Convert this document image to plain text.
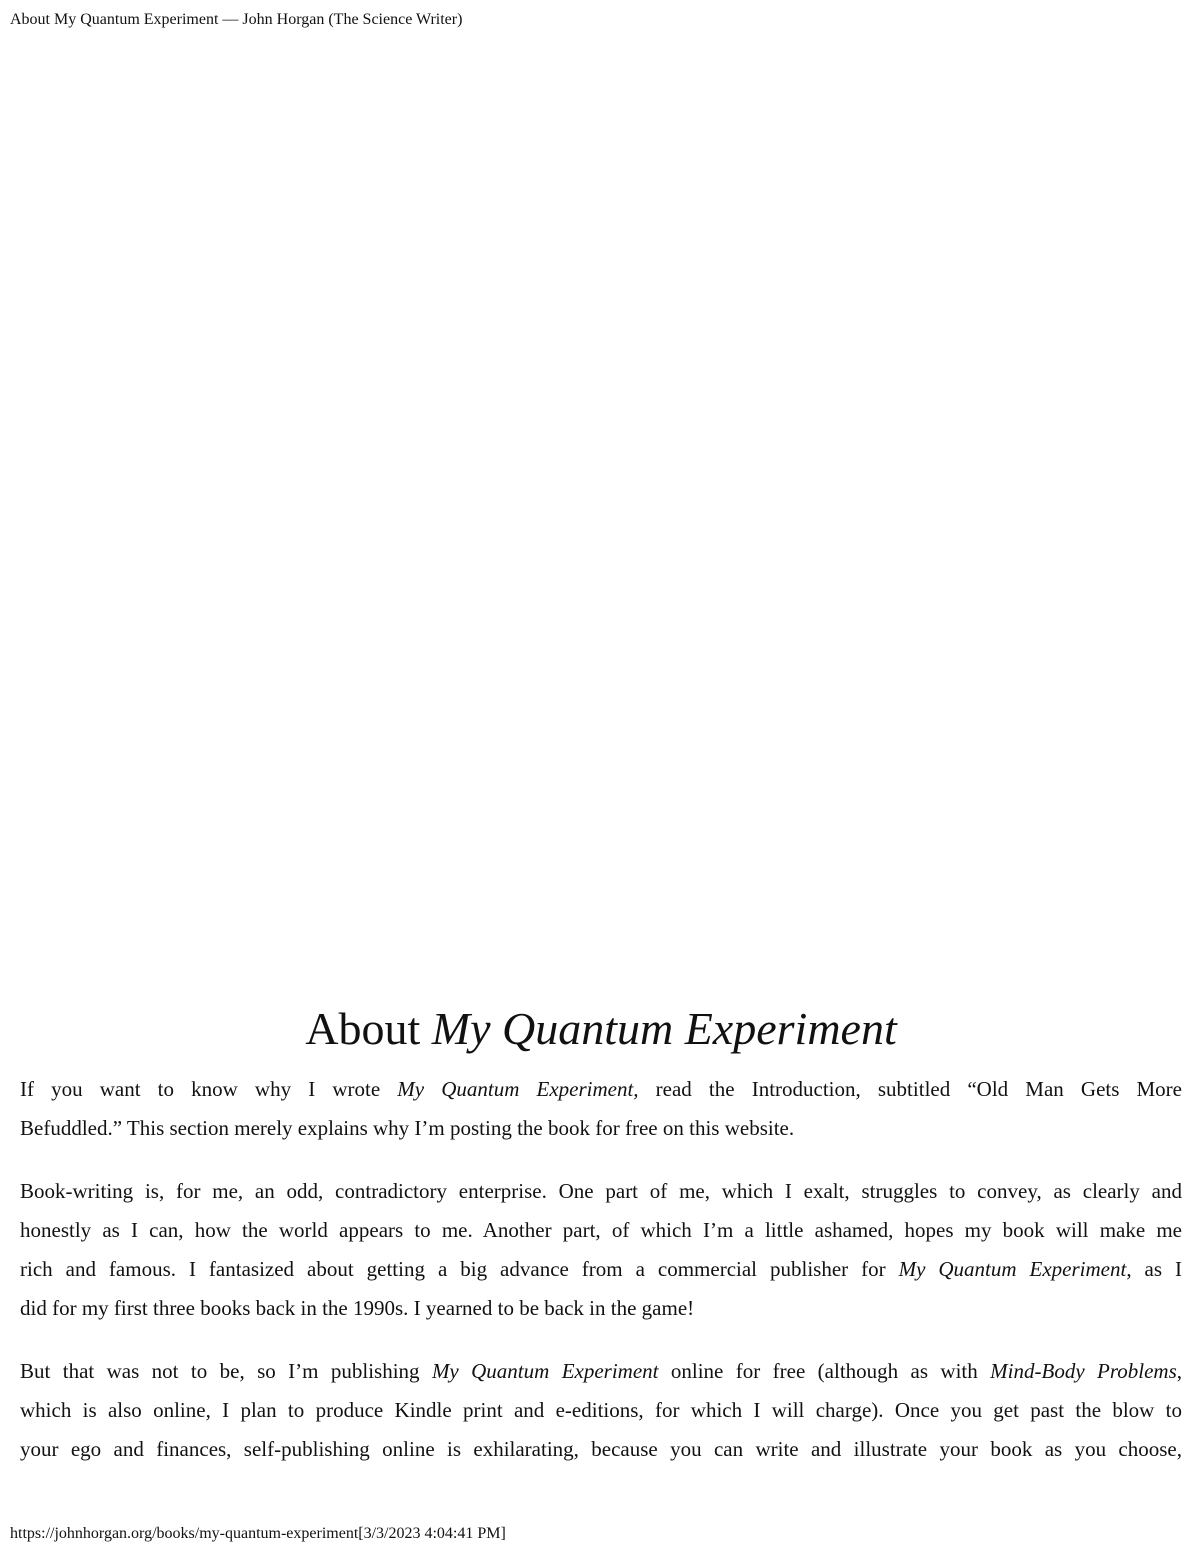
About My Quantum Experiment — John Horgan (The Science Writer)
About My Quantum Experiment

If you want to know why I wrote My Quantum Experiment, read the Introduction, subtitled “Old Man Gets More
Befuddled.” This section merely explains why I’m posting the book for free on this website.

Book-writing is, for me, an odd, contradictory enterprise. One part of me, which I exalt, struggles to convey, as clearly and
honestly as I can, how the world appears to me. Another part, of which I’m a little ashamed, hopes my book will make me
rich and famous. I fantasized about getting a big advance from a commercial publisher for My Quantum Experiment, as I
did for my first three books back in the 1990s. I yearned to be back in the game!

But that was not to be, so I’m publishing My Quantum Experiment online for free (although as with Mind-Body Problems,
which is also online, I plan to produce Kindle print and e-editions, for which I will charge). Once you get past the blow to
your ego and finances, self-publishing online is exhilarating, because you can write and illustrate your book as you choose,

https://johnhorgan.org/books/my-quantum-experiment[3/3/2023 4:04:41 PM]
